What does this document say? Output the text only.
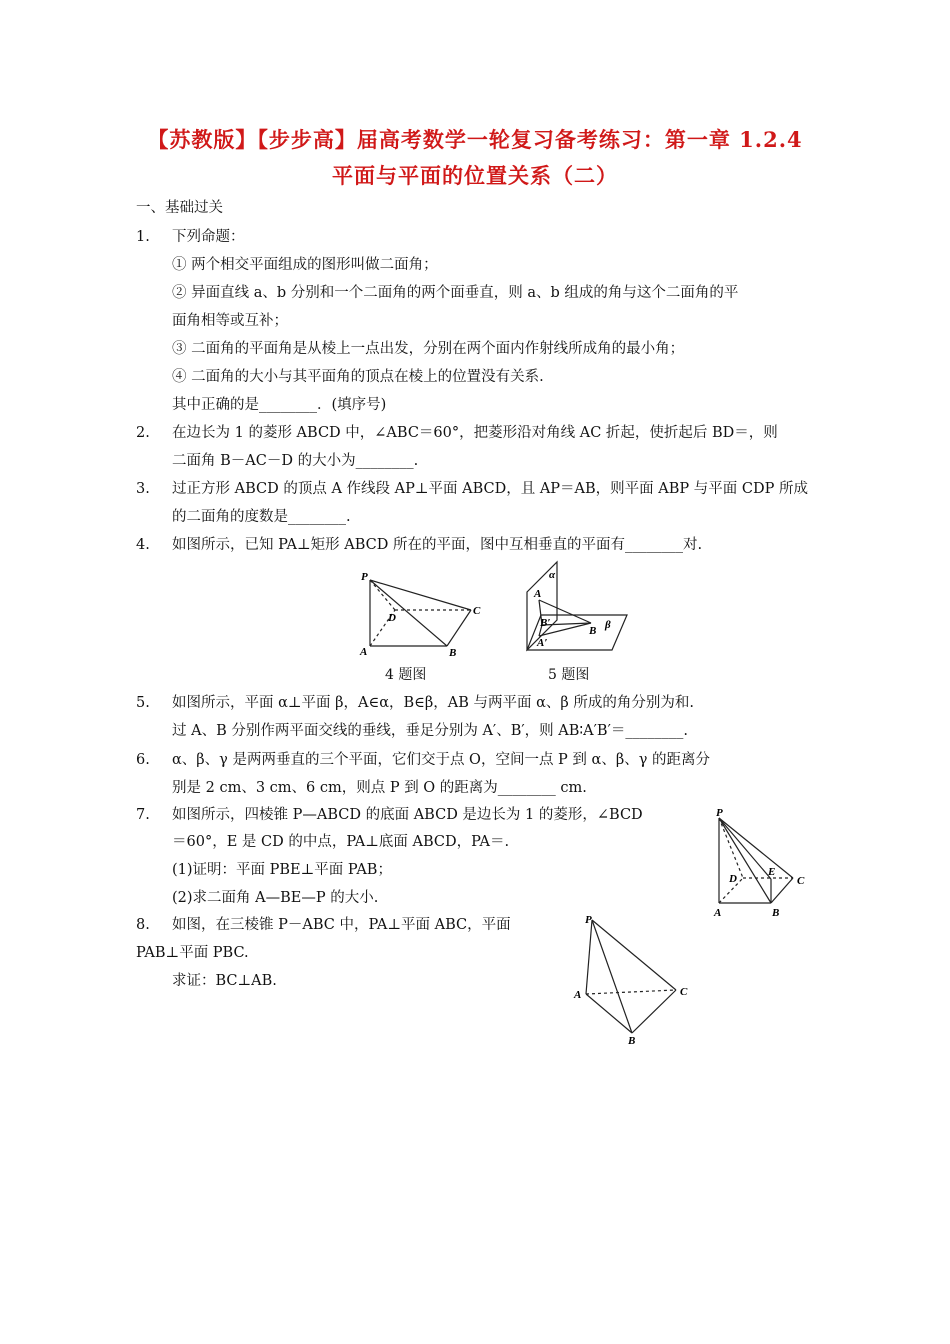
【苏教版】【步步高】届高考数学一轮复习备考练习：第一章 1.2.4
平面与平面的位置关系（二）
一、基础过关
1. 下列命题：
① 两个相交平面组成的图形叫做二面角；
② 异面直线 a、b 分别和一个二面角的两个面垂直，则 a、b 组成的角与这个二面角的平
面角相等或互补；
③ 二面角的平面角是从棱上一点出发，分别在两个面内作射线所成角的最小角；
④ 二面角的大小与其平面角的顶点在棱上的位置没有关系.
其中正确的是________．(填序号)
2. 在边长为 1 的菱形 ABCD 中，∠ABC＝60°，把菱形沿对角线 AC 折起，使折起后 BD＝，则
二面角 B－AC－D 的大小为________.
3. 过正方形 ABCD 的顶点 A 作线段 AP⊥平面 ABCD，且 AP＝AB，则平面 ABP 与平面 CDP 所成
的二面角的度数是________.
4. 如图所示，已知 PA⊥矩形 ABCD 所在的平面，图中互相垂直的平面有________对.
P
A	B
C
D
4 题图
α
A
B′
B β
A′
5 题图
5. 如图所示，平面 α⊥平面 β，A∈α，B∈β，AB 与两平面 α、β 所成的角分别为和.
过 A、B 分别作两平面交线的垂线，垂足分别为 A′、B′，则 AB∶A′B′＝________.
6. α、β、γ 是两两垂直的三个平面，它们交于点 O，空间一点 P 到 α、β、γ 的距离分
别是 2 cm、3 cm、6 cm，则点 P 到 O 的距离为________ cm.
7. 如图所示，四棱锥 P—ABCD 的底面 ABCD 是边长为 1 的菱形，∠BCD
＝60°，E 是 CD 的中点，PA⊥底面 ABCD，PA＝.
(1)证明：平面 PBE⊥平面 PAB；
(2)求二面角 A—BE—P 的大小.
P
D
E
C
A	B
8. 如图，在三棱锥 P－ABC 中，PA⊥平面 ABC，平面
PAB⊥平面 PBC.
求证：BC⊥AB.
P
A	C
B
